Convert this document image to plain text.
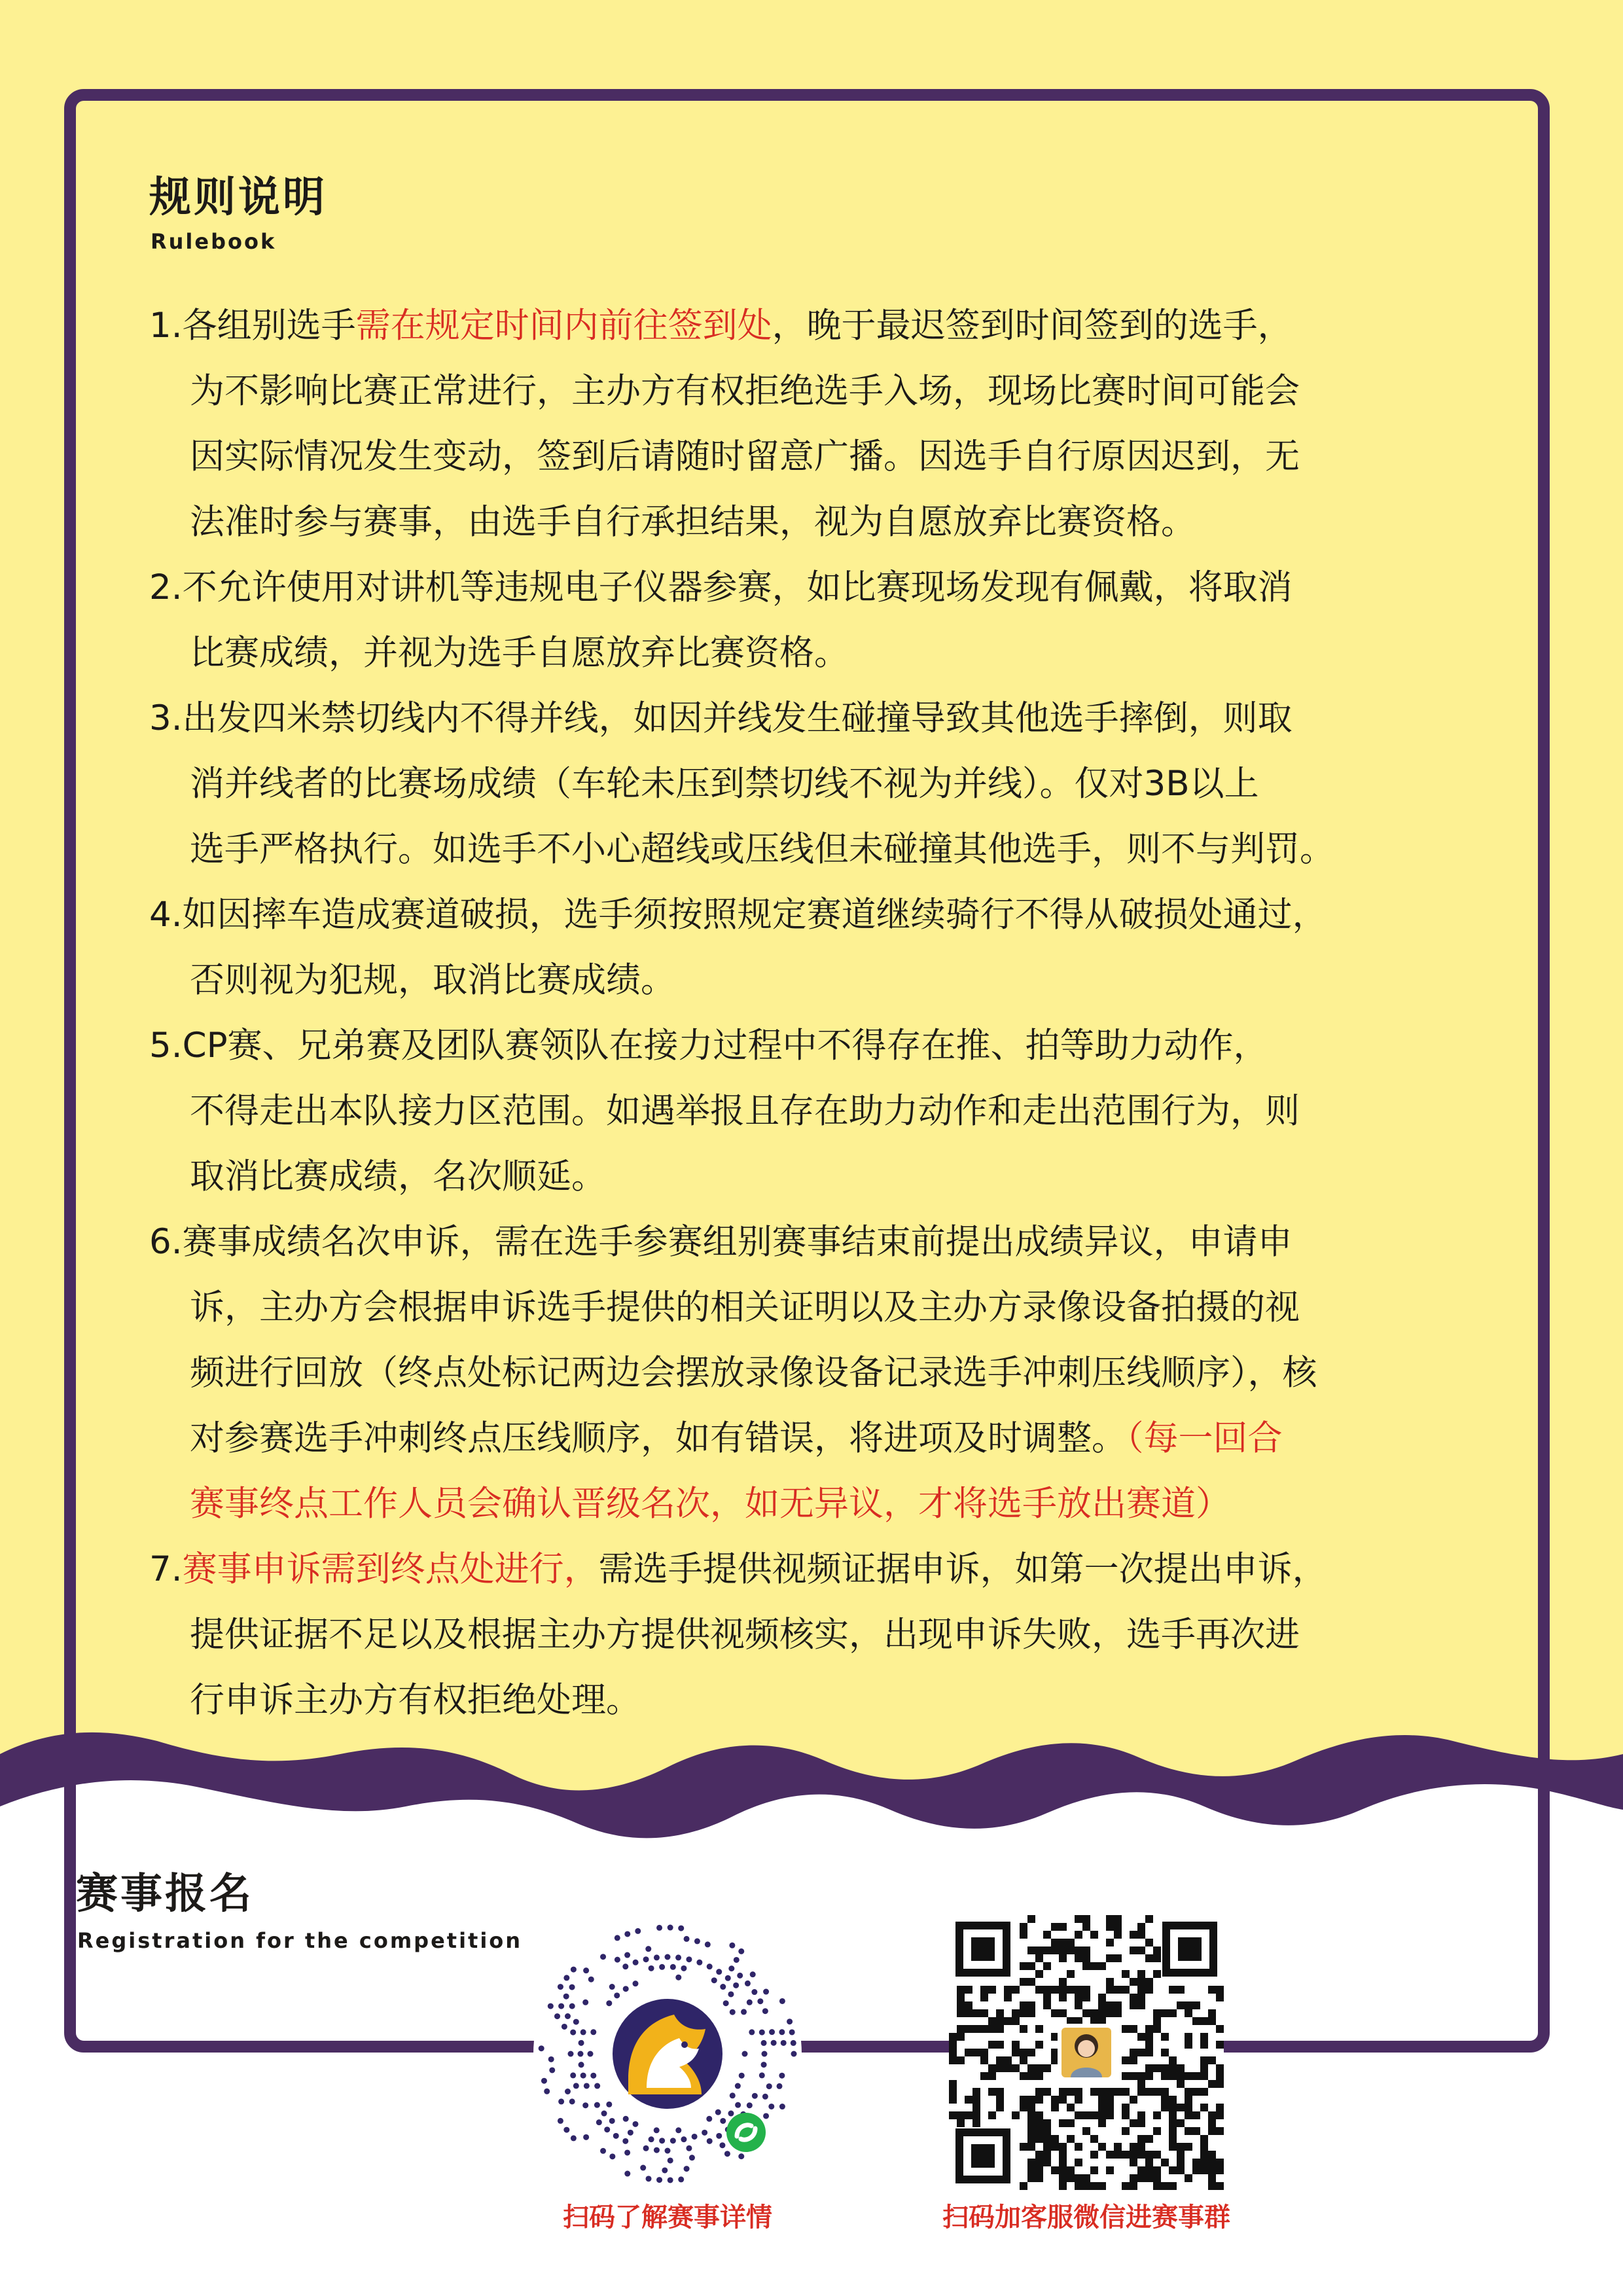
规则说明
Rulebook
1.各组别选手需在规定时间内前往签到处，晚于最迟签到时间签到的选手，
为不影响比赛正常进行，主办方有权拒绝选手入场，现场比赛时间可能会
因实际情况发生变动，签到后请随时留意广播。因选手自行原因迟到，无
法准时参与赛事，由选手自行承担结果，视为自愿放弃比赛资格。
2.不允许使用对讲机等违规电子仪器参赛，如比赛现场发现有佩戴，将取消
比赛成绩，并视为选手自愿放弃比赛资格。
3.出发四米禁切线内不得并线，如因并线发生碰撞导致其他选手摔倒，则取
消并线者的比赛场成绩（车轮未压到禁切线不视为并线）。仅对3B以上
选手严格执行。如选手不小心超线或压线但未碰撞其他选手，则不与判罚。
4.如因摔车造成赛道破损，选手须按照规定赛道继续骑行不得从破损处通过，
否则视为犯规，取消比赛成绩。
5.CP赛、兄弟赛及团队赛领队在接力过程中不得存在推、拍等助力动作，
不得走出本队接力区范围。如遇举报且存在助力动作和走出范围行为，则
取消比赛成绩，名次顺延。
6.赛事成绩名次申诉，需在选手参赛组别赛事结束前提出成绩异议，申请申
诉，主办方会根据申诉选手提供的相关证明以及主办方录像设备拍摄的视
频进行回放（终点处标记两边会摆放录像设备记录选手冲刺压线顺序），核
对参赛选手冲刺终点压线顺序，如有错误，将进项及时调整。（每一回合
赛事终点工作人员会确认晋级名次，如无异议，才将选手放出赛道）
7.赛事申诉需到终点处进行，需选手提供视频证据申诉，如第一次提出申诉，
提供证据不足以及根据主办方提供视频核实，出现申诉失败，选手再次进
行申诉主办方有权拒绝处理。
赛事报名
Registration for the competition
扫码了解赛事详情	扫码加客服微信进赛事群
